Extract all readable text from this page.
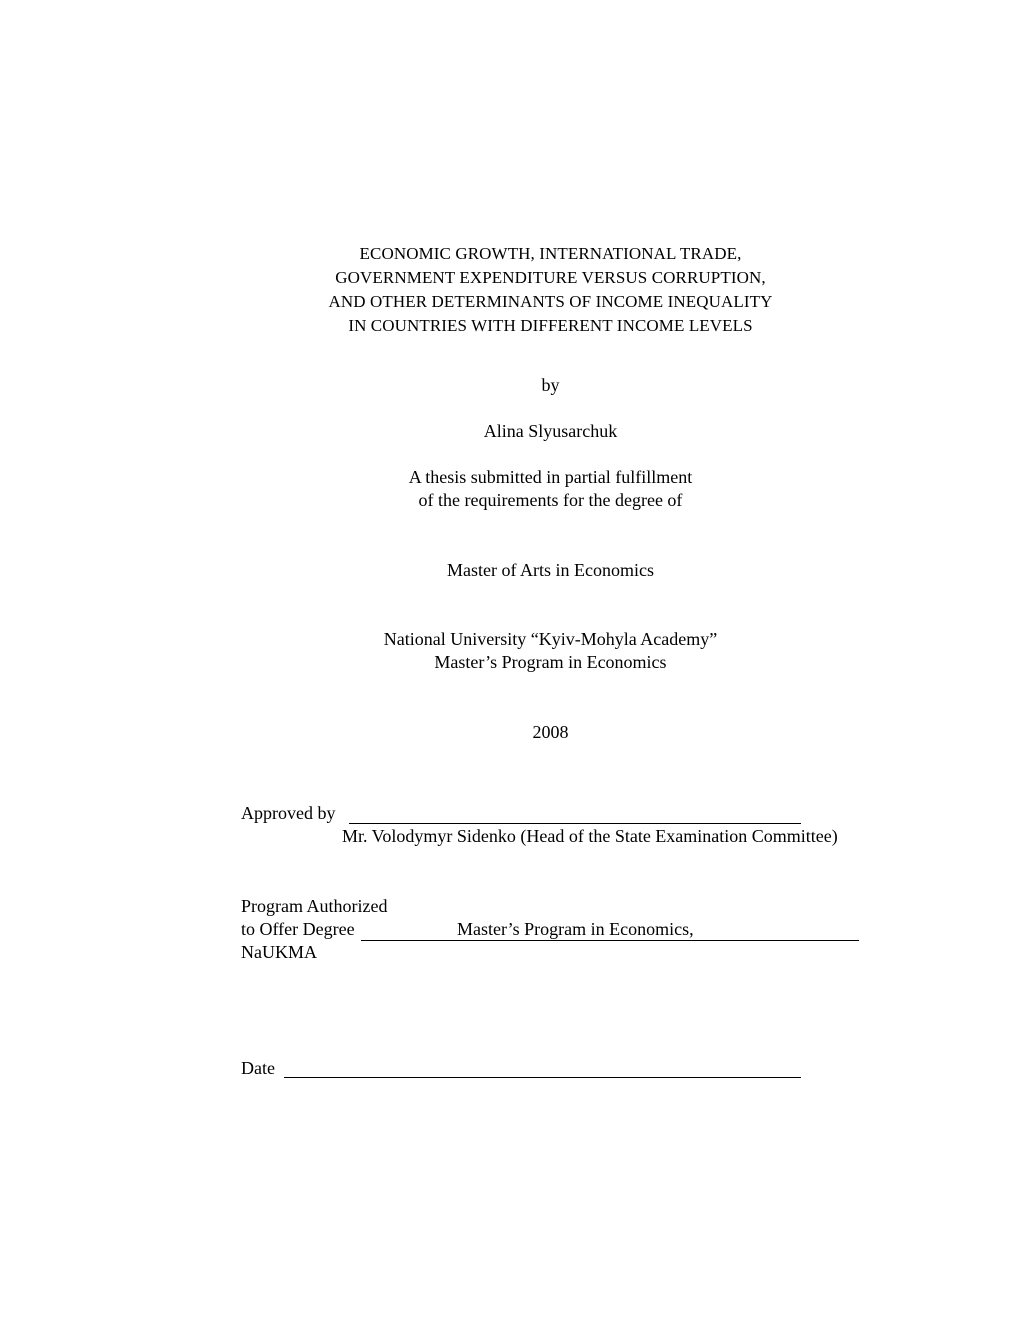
ECONOMIC GROWTH, INTERNATIONAL TRADE,
GOVERNMENT EXPENDITURE VERSUS CORRUPTION,
AND OTHER DETERMINANTS OF INCOME INEQUALITY
IN COUNTRIES WITH DIFFERENT INCOME LEVELS
by
Alina Slyusarchuk
A thesis submitted in partial fulfillment
of the requirements for the degree of
Master of Arts in Economics
National University “Kyiv-Mohyla Academy”
Master’s Program in Economics
2008
Approved by
Mr. Volodymyr Sidenko (Head of the State Examination Committee)
Program Authorized
to Offer Degree	Master’s Program in Economics,
NaUKMA
Date
